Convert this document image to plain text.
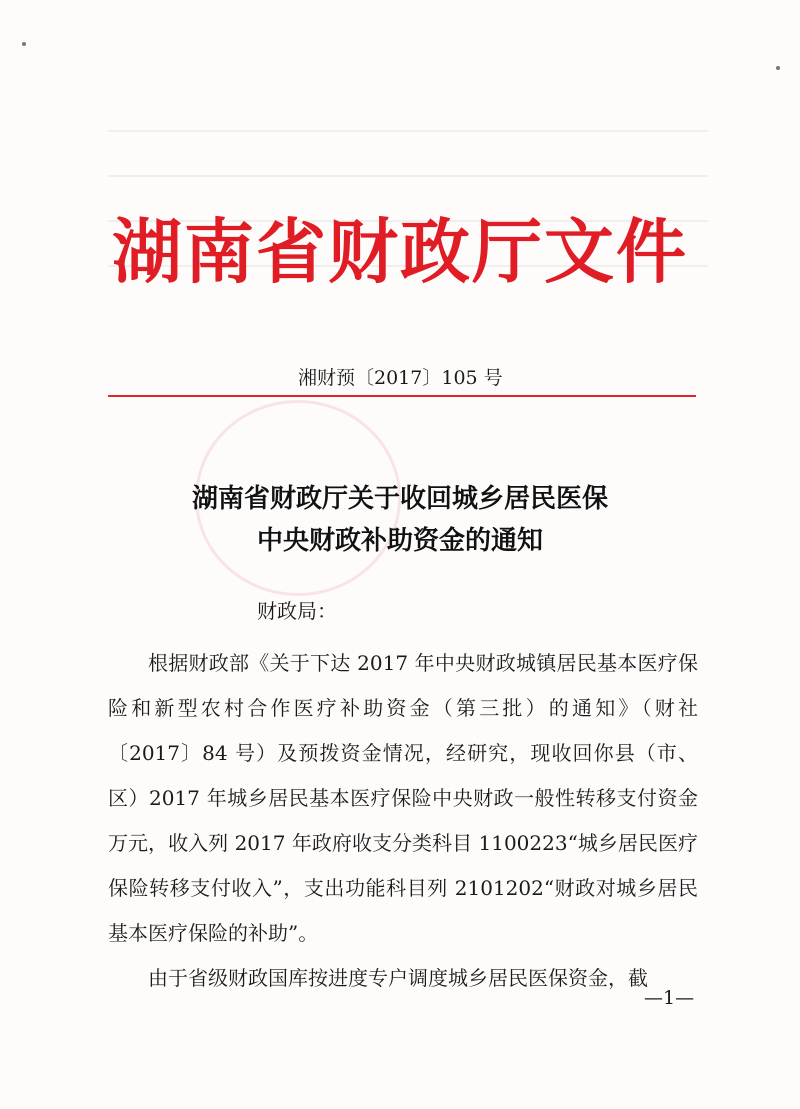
湖南省财政厅文件
湘财预〔2017〕105 号
湖南省财政厅关于收回城乡居民医保
中央财政补助资金的通知
财政局：

根据财政部《关于下达 2017 年中央财政城镇居民基本医疗保险和新型农村合作医疗补助资金（第三批）的通知》（财社〔2017〕84 号）及预拨资金情况，经研究，现收回你县（市、区）2017 年城乡居民基本医疗保险中央财政一般性转移支付资金　　万元，收入列 2017 年政府收支分类科目 1100223“城乡居民医疗保险转移支付收入”，支出功能科目列 2101202“财政对城乡居民基本医疗保险的补助”。

由于省级财政国库按进度专户调度城乡居民医保资金，截

—1—
